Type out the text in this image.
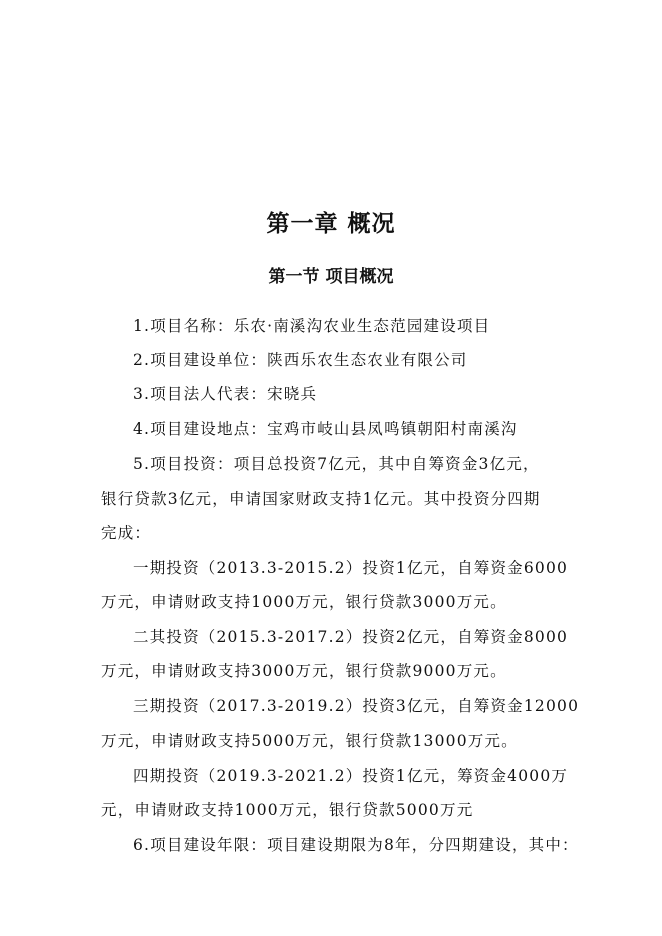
第一章 概况
第一节 项目概况
1.项目名称：乐农·南溪沟农业生态范园建设项目
2.项目建设单位：陕西乐农生态农业有限公司
3.项目法人代表：宋晓兵
4.项目建设地点：宝鸡市岐山县凤鸣镇朝阳村南溪沟
5.项目投资：项目总投资7亿元，其中自筹资金3亿元，
银行贷款3亿元，申请国家财政支持1亿元。其中投资分四期
完成：
一期投资（2013.3-2015.2）投资1亿元，自筹资金6000
万元，申请财政支持1000万元，银行贷款3000万元。
二其投资（2015.3-2017.2）投资2亿元，自筹资金8000
万元，申请财政支持3000万元，银行贷款9000万元。
三期投资（2017.3-2019.2）投资3亿元，自筹资金12000
万元，申请财政支持5000万元，银行贷款13000万元。
四期投资（2019.3-2021.2）投资1亿元，筹资金4000万
元，申请财政支持1000万元，银行贷款5000万元
6.项目建设年限：项目建设期限为8年，分四期建设，其中：
